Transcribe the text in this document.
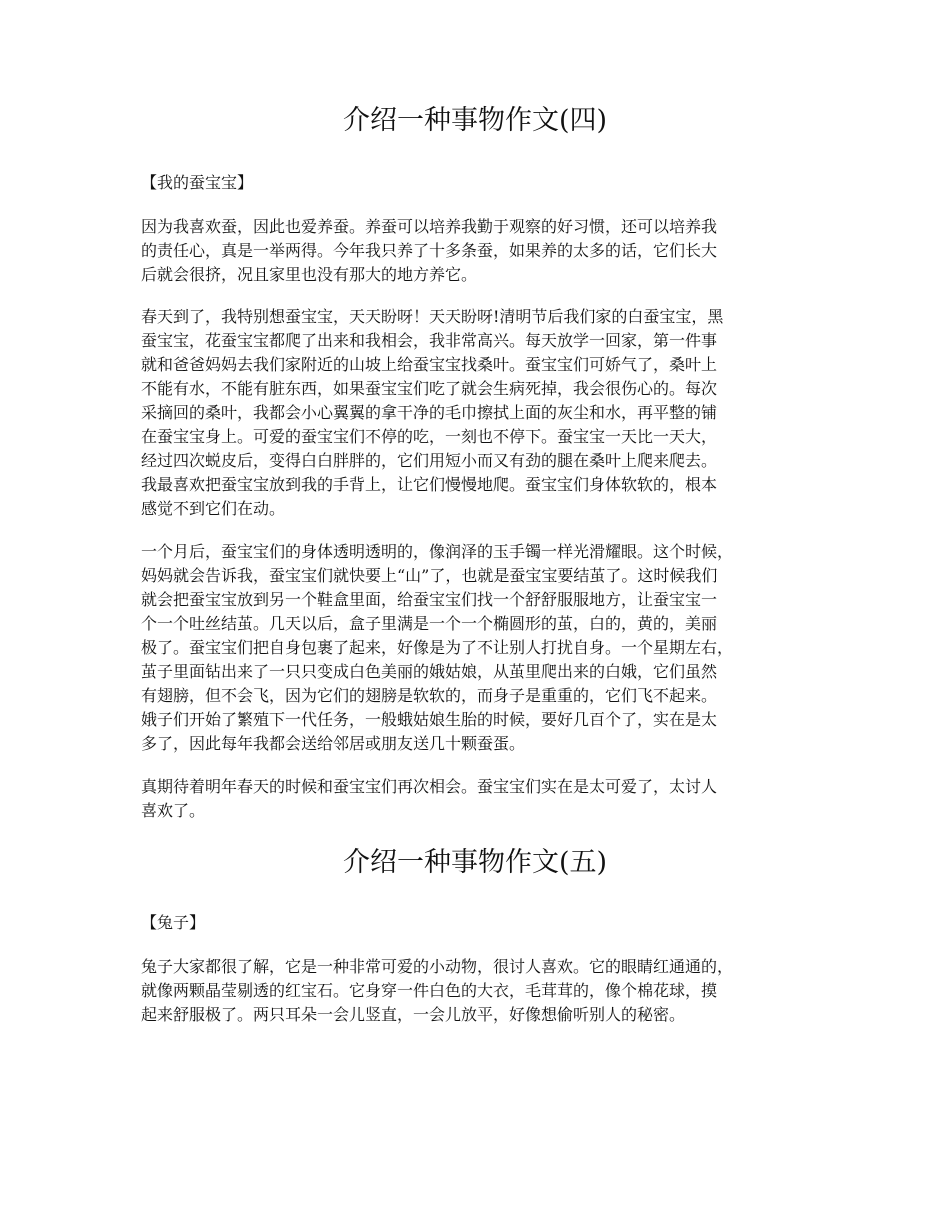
介绍一种事物作文(四)

【我的蚕宝宝】

因为我喜欢蚕，因此也爱养蚕。养蚕可以培养我勤于观察的好习惯，还可以培养我
的责任心，真是一举两得。今年我只养了十多条蚕，如果养的太多的话，它们长大
后就会很挤，况且家里也没有那大的地方养它。

春天到了，我特别想蚕宝宝，天天盼呀！天天盼呀!清明节后我们家的白蚕宝宝，黑
蚕宝宝，花蚕宝宝都爬了出来和我相会，我非常高兴。每天放学一回家，第一件事
就和爸爸妈妈去我们家附近的山坡上给蚕宝宝找桑叶。蚕宝宝们可娇气了，桑叶上
不能有水，不能有脏东西，如果蚕宝宝们吃了就会生病死掉，我会很伤心的。每次
采摘回的桑叶，我都会小心翼翼的拿干净的毛巾擦拭上面的灰尘和水，再平整的铺
在蚕宝宝身上。可爱的蚕宝宝们不停的吃，一刻也不停下。蚕宝宝一天比一天大，
经过四次蜕皮后，变得白白胖胖的，它们用短小而又有劲的腿在桑叶上爬来爬去。
我最喜欢把蚕宝宝放到我的手背上，让它们慢慢地爬。蚕宝宝们身体软软的，根本
感觉不到它们在动。

一个月后，蚕宝宝们的身体透明透明的，像润泽的玉手镯一样光滑耀眼。这个时候，
妈妈就会告诉我，蚕宝宝们就快要上“山”了，也就是蚕宝宝要结茧了。这时候我们
就会把蚕宝宝放到另一个鞋盒里面，给蚕宝宝们找一个舒舒服服地方，让蚕宝宝一
个一个吐丝结茧。几天以后，盒子里满是一个一个椭圆形的茧，白的，黄的，美丽
极了。蚕宝宝们把自身包裹了起来，好像是为了不让别人打扰自身。一个星期左右，
茧子里面钻出来了一只只变成白色美丽的娥姑娘，从茧里爬出来的白娥，它们虽然
有翅膀，但不会飞，因为它们的翅膀是软软的，而身子是重重的，它们飞不起来。
娥子们开始了繁殖下一代任务，一般蛾姑娘生胎的时候，要好几百个了，实在是太
多了，因此每年我都会送给邻居或朋友送几十颗蚕蛋。

真期待着明年春天的时候和蚕宝宝们再次相会。蚕宝宝们实在是太可爱了，太讨人
喜欢了。

介绍一种事物作文(五)

【兔子】

兔子大家都很了解，它是一种非常可爱的小动物，很讨人喜欢。它的眼睛红通通的，
就像两颗晶莹剔透的红宝石。它身穿一件白色的大衣，毛茸茸的，像个棉花球，摸
起来舒服极了。两只耳朵一会儿竖直，一会儿放平，好像想偷听别人的秘密。
